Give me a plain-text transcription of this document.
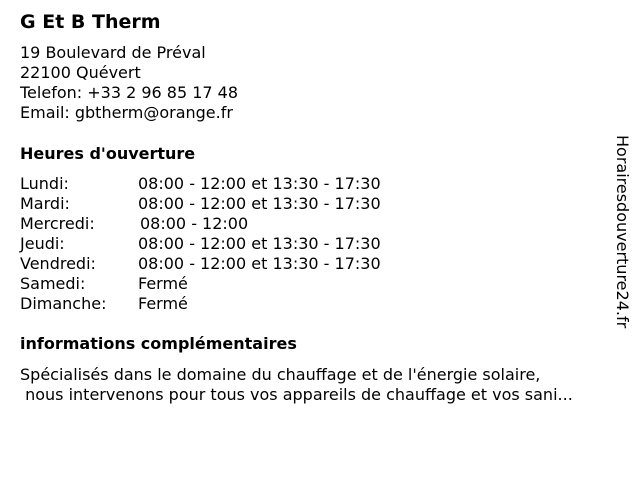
G Et B Therm
19 Boulevard de Préval
22100 Quévert
Telefon: +33 2 96 85 17 48
Email: gbtherm@orange.fr
Heures d'ouverture
Lundi:	08:00 - 12:00 et 13:30 - 17:30
Mardi:	08:00 - 12:00 et 13:30 - 17:30
Mercredi:	08:00 - 12:00
Jeudi:	08:00 - 12:00 et 13:30 - 17:30
Vendredi:	08:00 - 12:00 et 13:30 - 17:30
Samedi:	Fermé
Dimanche: Fermé
informations complémentaires
Spécialisés dans le domaine du chauffage et de l'énergie solaire,
nous intervenons pour tous vos appareils de chauffage et vos sani...
Horairesdouverture24.fr
